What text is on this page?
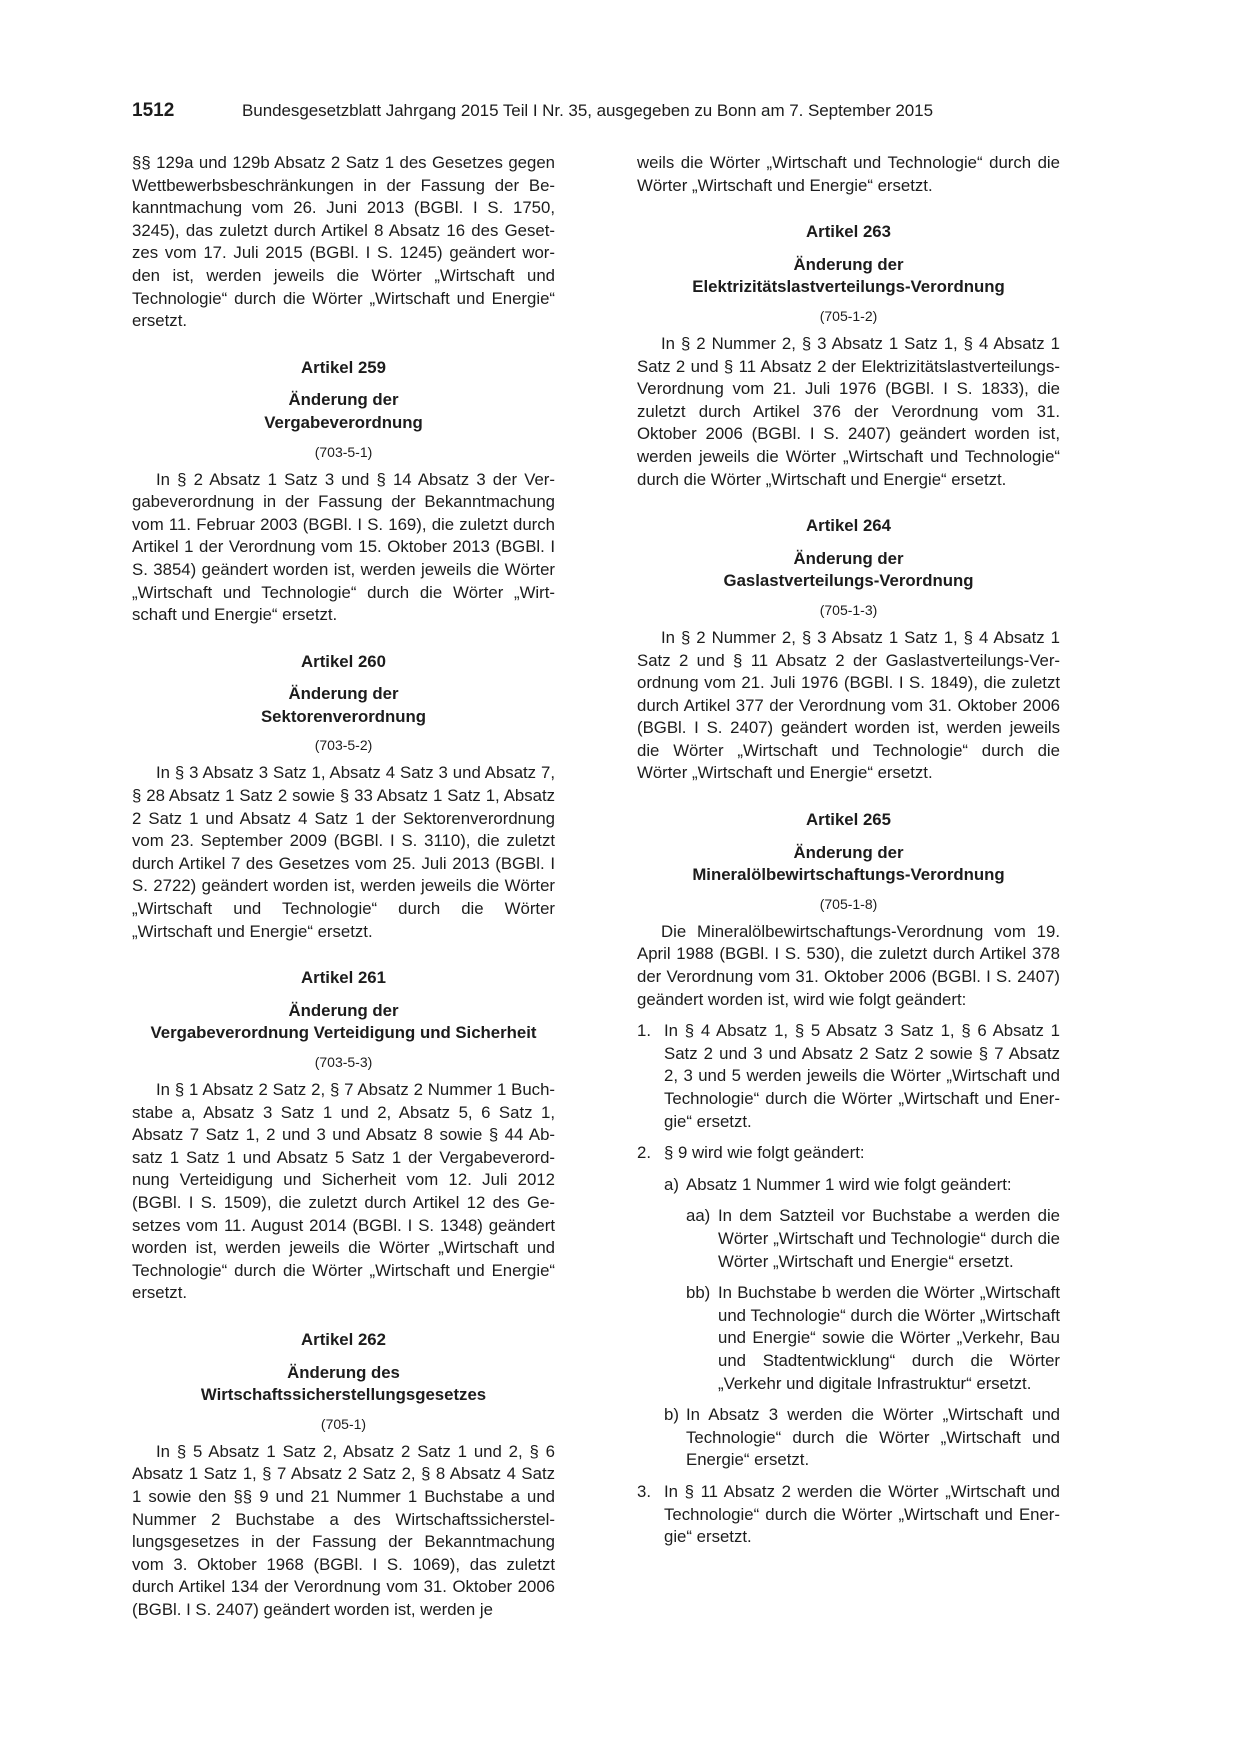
1512	Bundesgesetzblatt Jahrgang 2015 Teil I Nr. 35, ausgegeben zu Bonn am 7. September 2015

§§ 129a und 129b Absatz 2 Satz 1 des Gesetzes gegen Wettbewerbsbeschränkungen in der Fassung der Bekanntmachung vom 26. Juni 2013 (BGBl. I S. 1750, 3245), das zuletzt durch Artikel 8 Absatz 16 des Gesetzes vom 17. Juli 2015 (BGBl. I S. 1245) geändert worden ist, werden jeweils die Wörter „Wirtschaft und Technologie“ durch die Wörter „Wirtschaft und Energie“ ersetzt.

Artikel 259
Änderung der
Vergabeverordnung
(703-5-1)

In § 2 Absatz 1 Satz 3 und § 14 Absatz 3 der Vergabeverordnung in der Fassung der Bekanntmachung vom 11. Februar 2003 (BGBl. I S. 169), die zuletzt durch Artikel 1 der Verordnung vom 15. Oktober 2013 (BGBl. I S. 3854) geändert worden ist, werden jeweils die Wörter „Wirtschaft und Technologie“ durch die Wörter „Wirtschaft und Energie“ ersetzt.

Artikel 260
Änderung der
Sektorenverordnung
(703-5-2)

In § 3 Absatz 3 Satz 1, Absatz 4 Satz 3 und Absatz 7, § 28 Absatz 1 Satz 2 sowie § 33 Absatz 1 Satz 1, Absatz 2 Satz 1 und Absatz 4 Satz 1 der Sektorenverordnung vom 23. September 2009 (BGBl. I S. 3110), die zuletzt durch Artikel 7 des Gesetzes vom 25. Juli 2013 (BGBl. I S. 2722) geändert worden ist, werden jeweils die Wörter „Wirtschaft und Technologie“ durch die Wörter „Wirtschaft und Energie“ ersetzt.

Artikel 261
Änderung der
Vergabeverordnung Verteidigung und Sicherheit
(703-5-3)

In § 1 Absatz 2 Satz 2, § 7 Absatz 2 Nummer 1 Buchstabe a, Absatz 3 Satz 1 und 2, Absatz 5, 6 Satz 1, Absatz 7 Satz 1, 2 und 3 und Absatz 8 sowie § 44 Absatz 1 Satz 1 und Absatz 5 Satz 1 der Vergabeverordnung Verteidigung und Sicherheit vom 12. Juli 2012 (BGBl. I S. 1509), die zuletzt durch Artikel 12 des Gesetzes vom 11. August 2014 (BGBl. I S. 1348) geändert worden ist, werden jeweils die Wörter „Wirtschaft und Technologie“ durch die Wörter „Wirtschaft und Energie“ ersetzt.

Artikel 262
Änderung des
Wirtschaftssicherstellungsgesetzes
(705-1)

In § 5 Absatz 1 Satz 2, Absatz 2 Satz 1 und 2, § 6 Absatz 1 Satz 1, § 7 Absatz 2 Satz 2, § 8 Absatz 4 Satz 1 sowie den §§ 9 und 21 Nummer 1 Buchstabe a und Nummer 2 Buchstabe a des Wirtschaftssicherstellungsgesetzes in der Fassung der Bekanntmachung vom 3. Oktober 1968 (BGBl. I S. 1069), das zuletzt durch Artikel 134 der Verordnung vom 31. Oktober 2006 (BGBl. I S. 2407) geändert worden ist, werden je

weils die Wörter „Wirtschaft und Technologie“ durch die Wörter „Wirtschaft und Energie“ ersetzt.

Artikel 263
Änderung der
Elektrizitätslastverteilungs-Verordnung
(705-1-2)

In § 2 Nummer 2, § 3 Absatz 1 Satz 1, § 4 Absatz 1 Satz 2 und § 11 Absatz 2 der Elektrizitätslastverteilungs-Verordnung vom 21. Juli 1976 (BGBl. I S. 1833), die zuletzt durch Artikel 376 der Verordnung vom 31. Oktober 2006 (BGBl. I S. 2407) geändert worden ist, werden jeweils die Wörter „Wirtschaft und Technologie“ durch die Wörter „Wirtschaft und Energie“ ersetzt.

Artikel 264
Änderung der
Gaslastverteilungs-Verordnung
(705-1-3)

In § 2 Nummer 2, § 3 Absatz 1 Satz 1, § 4 Absatz 1 Satz 2 und § 11 Absatz 2 der Gaslastverteilungs-Verordnung vom 21. Juli 1976 (BGBl. I S. 1849), die zuletzt durch Artikel 377 der Verordnung vom 31. Oktober 2006 (BGBl. I S. 2407) geändert worden ist, werden jeweils die Wörter „Wirtschaft und Technologie“ durch die Wörter „Wirtschaft und Energie“ ersetzt.

Artikel 265
Änderung der
Mineralölbewirtschaftungs-Verordnung
(705-1-8)

Die Mineralölbewirtschaftungs-Verordnung vom 19. April 1988 (BGBl. I S. 530), die zuletzt durch Artikel 378 der Verordnung vom 31. Oktober 2006 (BGBl. I S. 2407) geändert worden ist, wird wie folgt geändert:

1. In § 4 Absatz 1, § 5 Absatz 3 Satz 1, § 6 Absatz 1 Satz 2 und 3 und Absatz 2 Satz 2 sowie § 7 Absatz 2, 3 und 5 werden jeweils die Wörter „Wirtschaft und Technologie“ durch die Wörter „Wirtschaft und Energie“ ersetzt.
2. § 9 wird wie folgt geändert:
a) Absatz 1 Nummer 1 wird wie folgt geändert:
aa) In dem Satzteil vor Buchstabe a werden die Wörter „Wirtschaft und Technologie“ durch die Wörter „Wirtschaft und Energie“ ersetzt.
bb) In Buchstabe b werden die Wörter „Wirtschaft und Technologie“ durch die Wörter „Wirtschaft und Energie“ sowie die Wörter „Verkehr, Bau und Stadtentwicklung“ durch die Wörter „Verkehr und digitale Infrastruktur“ ersetzt.
b) In Absatz 3 werden die Wörter „Wirtschaft und Technologie“ durch die Wörter „Wirtschaft und Energie“ ersetzt.
3. In § 11 Absatz 2 werden die Wörter „Wirtschaft und Technologie“ durch die Wörter „Wirtschaft und Energie“ ersetzt.
